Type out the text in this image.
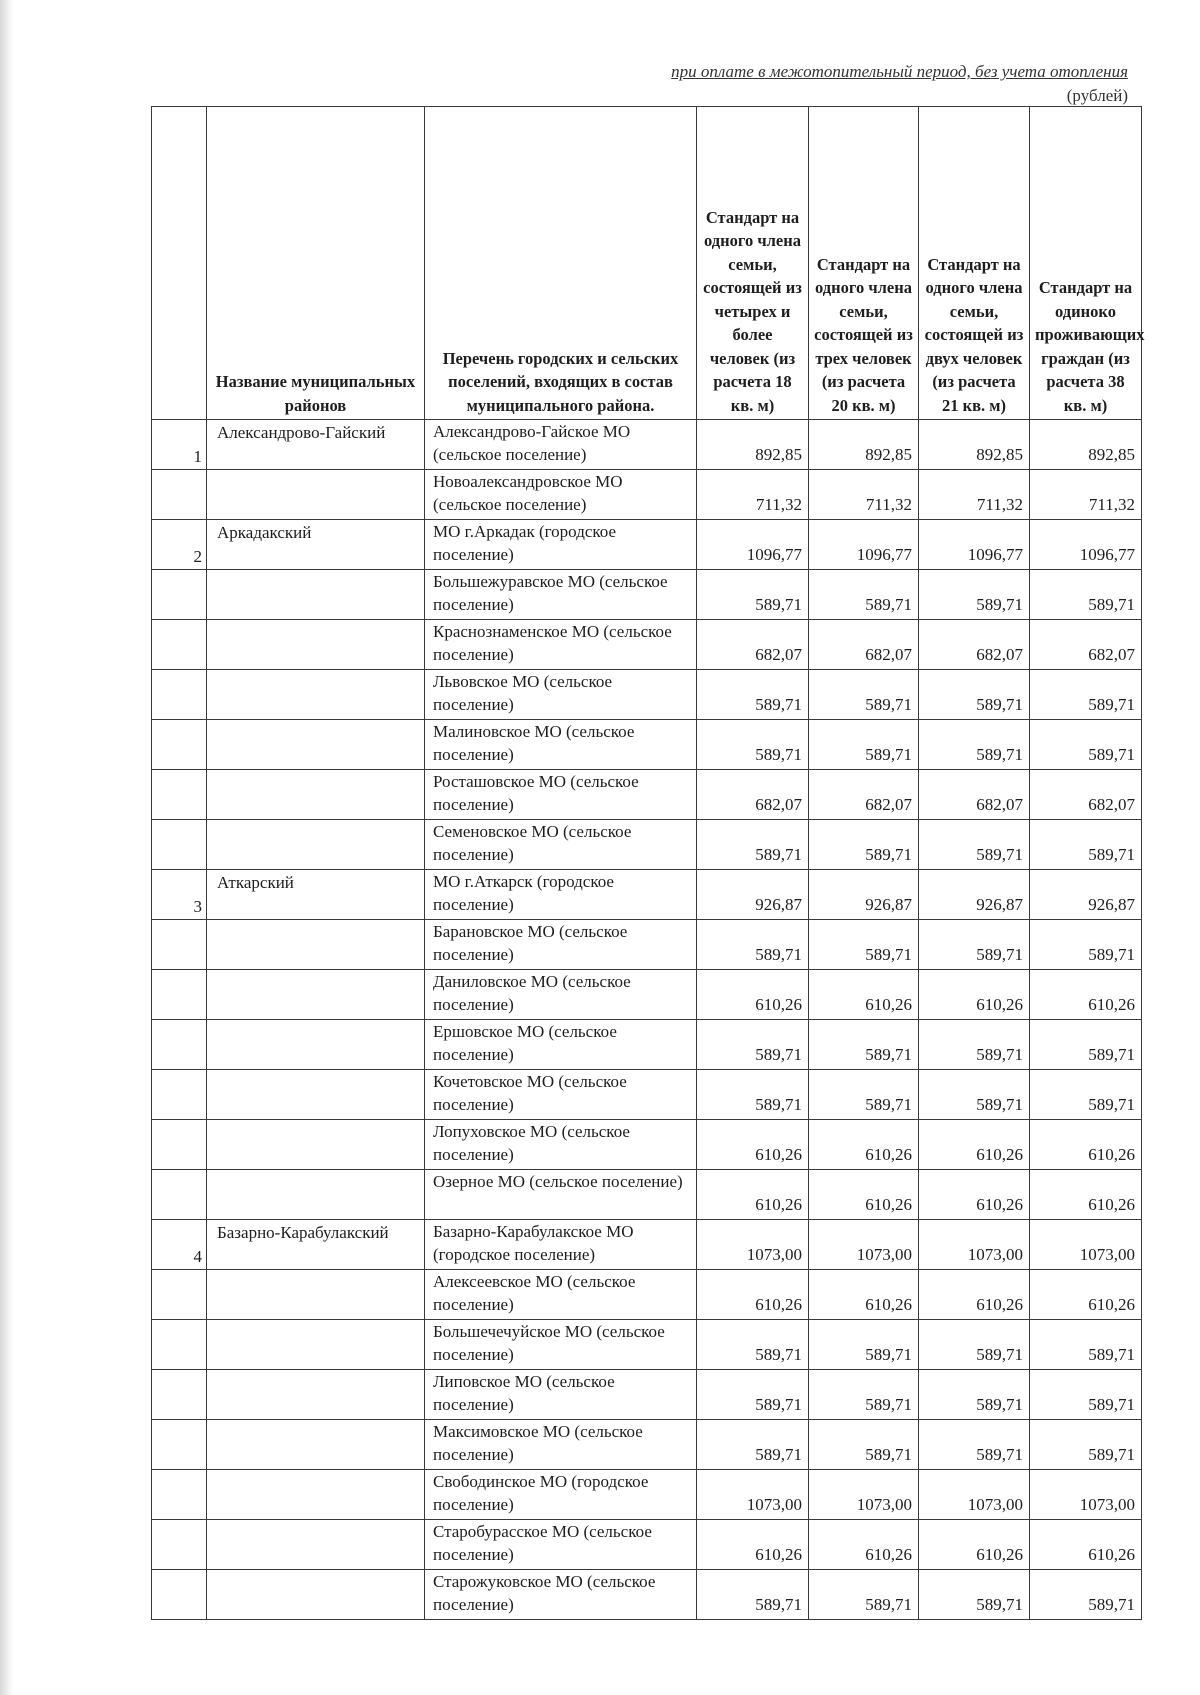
при оплате в межотопительный период, без учета отопления
(рублей)
	Название муниципальных районов	Перечень городских и сельских поселений, входящих в состав муниципального района.	Стандарт на одного члена семьи, состоящей из четырех и более человек (из расчета 18 кв. м)	Стандарт на одного члена семьи, состоящей из трех человек (из расчета 20 кв. м)	Стандарт на одного члена семьи, состоящей из двух человек (из расчета 21 кв. м)	Стандарт на одиноко проживающих граждан (из расчета 38 кв. м)
1	Александрово-Гайский	Александрово-Гайское МО (сельское поселение)	892,85	892,85	892,85	892,85
		Новоалександровское МО (сельское поселение)	711,32	711,32	711,32	711,32
2	Аркадакский	МО г.Аркадак (городское поселение)	1096,77	1096,77	1096,77	1096,77
		Большежуравское МО (сельское поселение)	589,71	589,71	589,71	589,71
		Краснознаменское МО (сельское поселение)	682,07	682,07	682,07	682,07
		Львовское МО (сельское поселение)	589,71	589,71	589,71	589,71
		Малиновское МО (сельское поселение)	589,71	589,71	589,71	589,71
		Росташовское МО (сельское поселение)	682,07	682,07	682,07	682,07
		Семеновское МО (сельское поселение)	589,71	589,71	589,71	589,71
3	Аткарский	МО г.Аткарск (городское поселение)	926,87	926,87	926,87	926,87
		Барановское МО (сельское поселение)	589,71	589,71	589,71	589,71
		Даниловское МО (сельское поселение)	610,26	610,26	610,26	610,26
		Ершовское МО (сельское поселение)	589,71	589,71	589,71	589,71
		Кочетовское МО (сельское поселение)	589,71	589,71	589,71	589,71
		Лопуховское МО (сельское поселение)	610,26	610,26	610,26	610,26
		Озерное МО (сельское поселение)	610,26	610,26	610,26	610,26
4	Базарно-Карабулакский	Базарно-Карабулакское МО (городское поселение)	1073,00	1073,00	1073,00	1073,00
		Алексеевское МО (сельское поселение)	610,26	610,26	610,26	610,26
		Большечечуйское МО (сельское поселение)	589,71	589,71	589,71	589,71
		Липовское МО (сельское поселение)	589,71	589,71	589,71	589,71
		Максимовское МО (сельское поселение)	589,71	589,71	589,71	589,71
		Свободинское МО (городское поселение)	1073,00	1073,00	1073,00	1073,00
		Старобурасское МО (сельское поселение)	610,26	610,26	610,26	610,26
		Старожуковское МО (сельское поселение)	589,71	589,71	589,71	589,71
